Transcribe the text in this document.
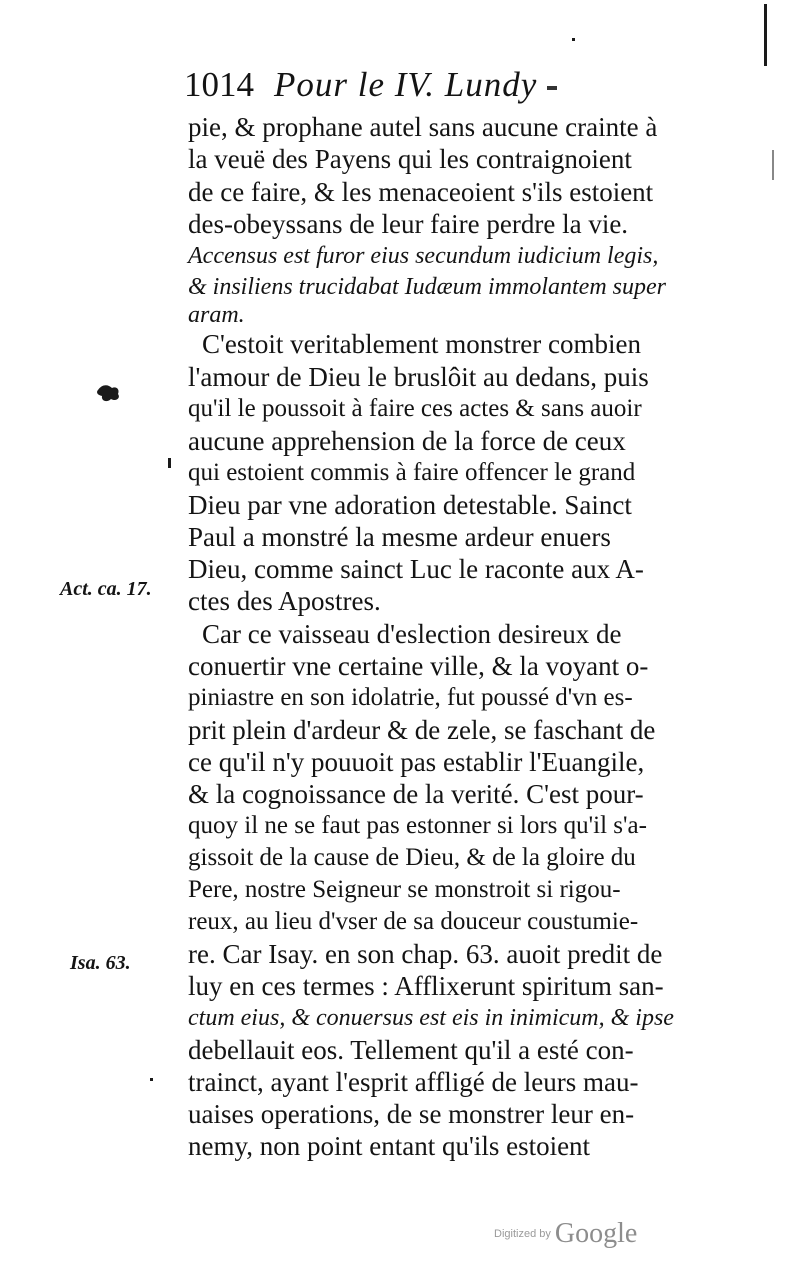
1014 Pour le IV. Lundy
pie, & prophane autel sans aucune crainte à
la veuë des Payens qui les contraignoient
de ce faire, & les menaceoient s'ils estoient
des-obeyssans de leur faire perdre la vie.
Accensus est furor eius secundum iudicium legis,
& insiliens trucidabat Iudæum immolantem super
aram.
C'estoit veritablement monstrer combien
l'amour de Dieu le bruslôit au dedans, puis
qu'il le poussoit à faire ces actes & sans auoir
aucune apprehension de la force de ceux
qui estoient commis à faire offencer le grand
Dieu par vne adoration detestable. Sainct
Paul a monstré la mesme ardeur enuers
Dieu, comme sainct Luc le raconte aux A-
ctes des Apostres.
Car ce vaisseau d'eslection desireux de
conuertir vne certaine ville, & la voyant o-
piniastre en son idolatrie, fut poussé d'vn es-
prit plein d'ardeur & de zele, se faschant de
ce qu'il n'y pouuoit pas establir l'Euangile,
& la cognoissance de la verité. C'est pour-
quoy il ne se faut pas estonner si lors qu'il s'a-
gissoit de la cause de Dieu, & de la gloire du
Pere, nostre Seigneur se monstroit si rigou-
reux, au lieu d'vser de sa douceur coustumie-
re. Car Isay. en son chap. 63. auoit predit de
luy en ces termes : Afflixerunt spiritum san-
ctum eius, & conuersus est eis in inimicum, & ipse
debellauit eos. Tellement qu'il a esté con-
trainct, ayant l'esprit affligé de leurs mau-
uaises operations, de se monstrer leur en-
nemy, non point entant qu'ils estoient
Act. ca. 17.
Isa. 63.
Digitized by Google
